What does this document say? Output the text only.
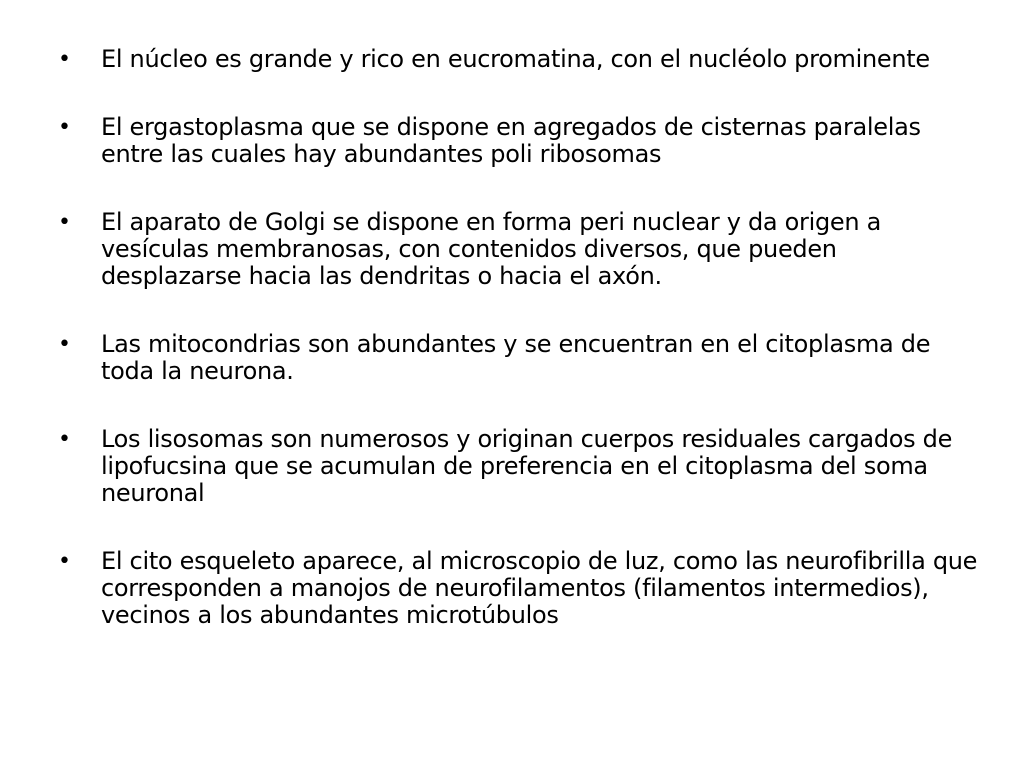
•	El núcleo es grande y rico en eucromatina, con el nucléolo prominente
•	El ergastoplasma que se dispone en agregados de cisternas paralelas entre las cuales hay abundantes poli ribosomas
•	El aparato de Golgi se dispone en forma peri nuclear y da origen a vesículas membranosas, con contenidos diversos, que pueden desplazarse hacia las dendritas o hacia el axón.
•	Las mitocondrias son abundantes y se encuentran en el citoplasma de toda la neurona.
•	Los lisosomas son numerosos y originan cuerpos residuales cargados de lipofucsina que se acumulan de preferencia en el citoplasma del soma neuronal
•	El cito esqueleto aparece, al microscopio de luz, como las neurofibrilla que corresponden a manojos de neurofilamentos (filamentos intermedios), vecinos a los abundantes microtúbulos
